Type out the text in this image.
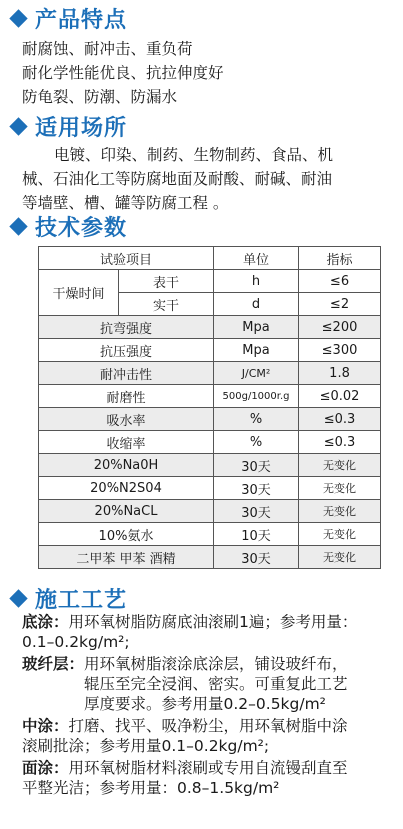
产品特点
耐腐蚀、耐冲击、重负荷
耐化学性能优良、抗拉伸度好
防龟裂、防潮、防漏水
适用场所
电镀、印染、制药、生物制药、食品、机
械、石油化工等防腐地面及耐酸、耐碱、耐油
等墙壁、槽、罐等防腐工程 。
技术参数
试验项目		单位	指标
干燥时间	表干	h	≤6
	实干	d	≤2
抗弯强度		Mpa	≤200
抗压强度		Mpa	≤300
耐冲击性		J/CM²	1.8
耐磨性		500g/1000r.g	≤0.02
吸水率		%	≤0.3
收缩率		%	≤0.3
20%Na0H		30天	无变化
20%N2S04		30天	无变化
20%NaCL		30天	无变化
10%氨水		10天	无变化
二甲苯 甲苯 酒精		30天	无变化
施工工艺
底涂：用环氧树脂防腐底油滚刷1遍；参考用量：
0.1–0.2kg/m²;
玻纤层：用环氧树脂滚涂底涂层，铺设玻纤布，
辊压至完全浸润、密实。可重复此工艺
厚度要求。参考用量0.2–0.5kg/m²
中涂：打磨、找平、吸净粉尘，用环氧树脂中涂
滚刷批涂；参考用量0.1–0.2kg/m²;
面涂：用环氧树脂材料滚刷或专用自流镘刮直至
平整光洁；参考用量：0.8–1.5kg/m²
